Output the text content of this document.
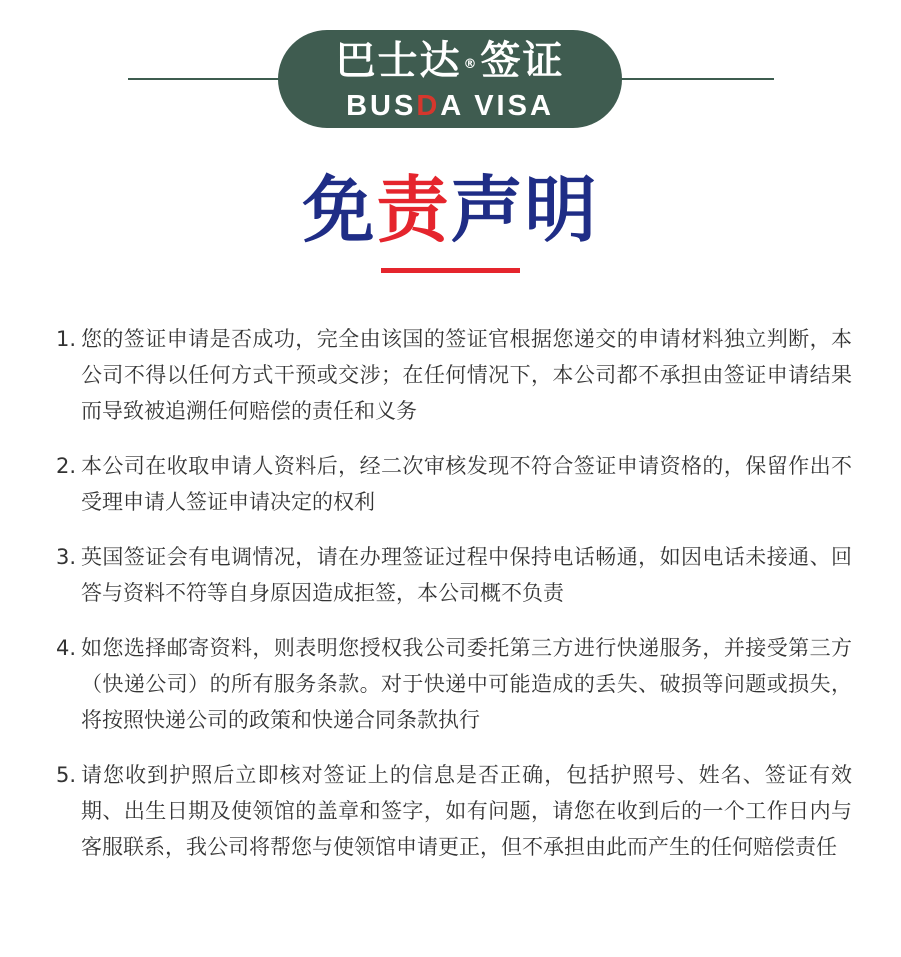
巴士达 ®签证
BUSDA VISA
免责声明
1. 您的签证申请是否成功，完全由该国的签证官根据您递交的申请材料独立判断，本公司不得以任何方式干预或交涉；在任何情况下，本公司都不承担由签证申请结果而导致被追溯任何赔偿的责任和义务
2. 本公司在收取申请人资料后，经二次审核发现不符合签证申请资格的，保留作出不受理申请人签证申请决定的权利
3. 英国签证会有电调情况，请在办理签证过程中保持电话畅通，如因电话未接通、回答与资料不符等自身原因造成拒签，本公司概不负责
4. 如您选择邮寄资料，则表明您授权我公司委托第三方进行快递服务，并接受第三方（快递公司）的所有服务条款。对于快递中可能造成的丢失、破损等问题或损失，将按照快递公司的政策和快递合同条款执行
5. 请您收到护照后立即核对签证上的信息是否正确，包括护照号、姓名、签证有效期、出生日期及使领馆的盖章和签字，如有问题，请您在收到后的一个工作日内与客服联系，我公司将帮您与使领馆申请更正，但不承担由此而产生的任何赔偿责任
